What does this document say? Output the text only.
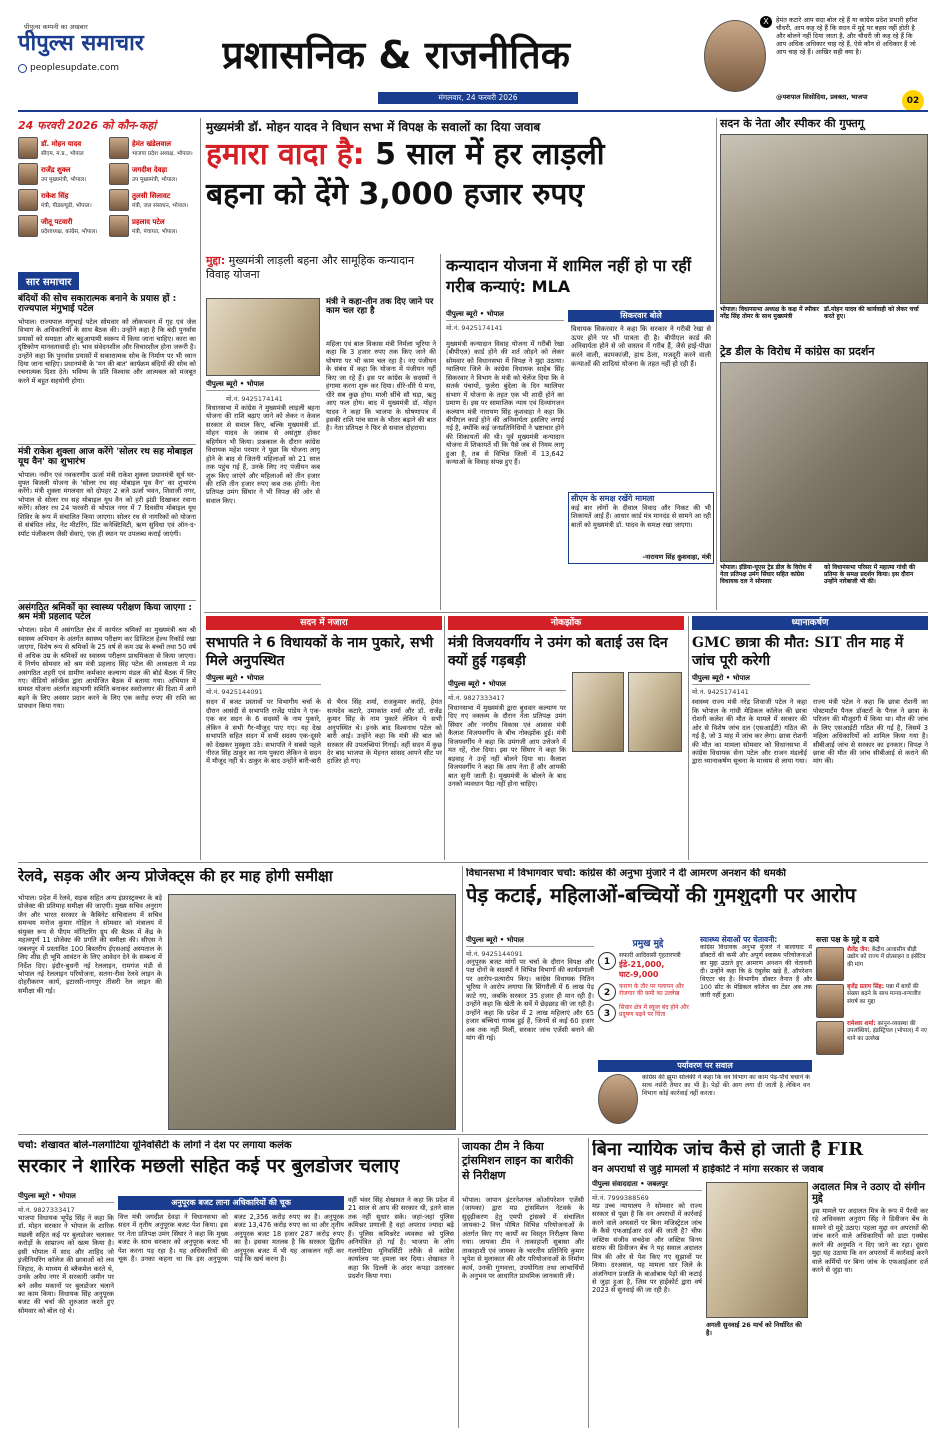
पीपुल्स कम्पनी का अखबार
पीपुल्स समाचार
peoplesupdate.com	प्रशासनिक & राजनीतिक
मंगलवार, 24 फरवरी 2026
X	हेमंत कटारे आप सदा बोल रहे हैं या कांग्रेस प्रदेश प्रभारी हरीश चौधरी, आप कह रहे हैं कि सदन में मुद्दे पर बहस नहीं होती है और बोलने नहीं दिया जाता है, और चौधरी जी कह रहे हैं कि आप अधिक अधिकार चाह रहे हैं, ऐसे कौन से अधिकार हैं जो आप चाह रहे हैं। आखिर सही क्या है।
@यशपाल सिसोदिया, प्रवक्ता, भाजपा	02
24 फरवरी 2026 को कौन-कहां
डॉ. मोहन यादव
सीएम, म.प्र., भोपाल
हेमंत खंडेलवाल
भाजपा प्रदेश अध्यक्ष, भोपाल।
राजेंद्र शुक्ल
उप मुख्यमंत्री, भोपाल।
जगदीश देवड़ा
उप मुख्यमंत्री, भोपाल।
राकेश सिंह
मंत्री, पीडब्ल्यूडी, भोपाल।
तुलसी सिलावट
मंत्री, जल संसाधन, भोपाल।
जीतू पटवारी
प्रदेशाध्यक्ष, कांग्रेस, भोपाल।
प्रहलाद पटेल
मंत्री, पंचायत, भोपाल।
सार समाचार
बंदियों की सोच सकारात्मक बनाने के प्रयास हों : राज्यपाल मंगुभाई पटेल
भोपाल। राज्यपाल मंगुभाई पटेल सोमवार को लोकभवन में गृह एवं जेल विभाग के अधिकारियों के साथ बैठक की। उन्होंने कहा है कि बंदी पुनर्वास प्रयासों को समग्रता और बहुआयामी स्वरूप में किया जाना चाहिए। कारा का दृष्टिकोण मानवतावादी हो। भाव संवेदनशील और विचारशील होना जरूरी है। उन्होंने कहा कि पुनर्वास प्रयासों में सकारात्मक सोच के निर्माण पर भी ध्यान दिया जाना चाहिए। प्रधानमंत्री के 'मन की बात' कार्यक्रम बंदियों की सोच को रचनात्मक दिशा देते। भविष्य के प्रति विश्वास और आत्मबल को मजबूत करने में बहुत सहयोगी होगा।
मंत्री राकेश शुक्ला आज करेंगे 'सोलर रथ सह मोबाइल यूथ वैन' का शुभारंभ
भोपाल। नवीन एवं नवकरणीय ऊर्जा मंत्री राकेश शुक्ला प्रधानमंत्री सूर्य घर-मुफ्त बिजली योजना के 'सोलर रथ सह मोबाइल यूथ वैन' का शुभारंभ करेंगे। मंत्री शुक्ला मंगलवार को दोपहर 2 बजे ऊर्जा भवन, शिवाजी नगर, भोपाल से सोलर रथ सह मोबाइल यूथ वैन को हरी झंडी दिखाकर रवाना करेंगे। सोलर रथ 24 फरवरी से भोपाल नगर में 7 दिवसीय मोबाइल यूथ शिविर के रूप में संचालित किया जाएगा। सोलर रथ से नागरिकों को योजना से संबंधित लोड, नेट मीटरिंग, प्रिंट कनेक्टिविटी, ऋण सुविधा एवं ऑन-द-स्पॉट पंजीकरण जैसी सेवाएं, एक ही स्थान पर उपलब्ध कराई जाएंगी।
असंगठित श्रमिकों का स्वास्थ्य परीक्षण किया जाएगा : श्रम मंत्री प्रहलाद पटेल
भोपाल। प्रदेश में असंगठित क्षेत्र में कार्यरत श्रमिकों का मुख्यमंत्री श्रम श्री स्वास्थ्य अभियान के अंतर्गत स्वास्थ्य परीक्षण कर डिजिटल हेल्थ रिकॉर्ड रखा जाएगा, विशेष रूप से श्रमिकों के 25 वर्ष से कम उम्र के बच्चों तथा 50 वर्ष से अधिक उम्र के श्रमिकों का स्वास्थ्य परीक्षण प्राथमिकता से किया जाएगा। ये निर्णय सोमवार को श्रम मंत्री प्रहलाद सिंह पटेल की अध्यक्षता में मप्र असंगठित शहरी एवं ग्रामीण कर्मकार कल्याण मंडल की बोर्ड बैठक में लिए गए। वीडियो कॉन्फ्रेंस द्वारा आयोजित बैठक में बताया गया। अभियान में समस्त योजना अंतर्गत सहभागी समिति बनाकर स्वरोजगार की दिशा में आगे बढ़ने के लिए अवसर प्रदान करने के लिए एक करोड़ रुपए की राशि का प्रावधान किया गया।
मुख्यमंत्री डॉ. मोहन यादव ने विधान सभा में विपक्ष के सवालों का दिया जवाब
हमारा वादा है: 5 साल में हर लाड़ली
बहना को देंगे 3,000 हजार रुपए
मुद्दा: मुख्यमंत्री लाड़ली बहना और सामूहिक कन्यादान विवाह योजना
पीपुल्स ब्यूरो • भोपाल
मंत्री ने कहा-तीन तक दिए जाने पर काम चल रहा है
मो.नं. 9425174141
विधानसभा में कांग्रेस ने मुख्यमंत्री लाड़ली बहना योजना की राशि बढ़ाए जाने को लेकर न केवल सरकार से सवाल किए, बल्कि मुख्यमंत्री डॉ. मोहन यादव के जवाब से असंतुष्ट होकर बहिर्गमन भी किया। प्रश्नकाल के दौरान कांग्रेस विधायक महेश परमार ने पूछा कि योजना लागू होने के बाद से जितनी महिलाओं को 21 साल तक पहुंच गई हैं, उनके लिए नए पंजीयन कब शुरू किए जाएंगे और महिलाओं को तीन हजार की राशि तीन हजार रुपए कब तक होगी। नेता प्रतिपक्ष उमंग सिंघार ने भी विपक्ष की ओर से सवाल किए।
महिला एवं बाल विकास मंत्री निर्मला भूरिया ने कहा कि 3 हजार रुपए तक किए जाने की घोषणा पर भी काम चल रहा है। नए पंजीयन के संबंध में कहा कि योजना में पंजीयन नहीं किए जा रहे हैं। इस पर कांग्रेस के सदस्यों ने हंगामा करना शुरू कर दिया। धीरे-धीरे ये मना, धीरे सब कुछ होय। माली सींचे सौ घड़ा, ऋतु आए फल होय। बाद में मुख्यमंत्री डॉ. मोहन यादव ने कहा कि भाजपा के घोषणापत्र में इसकी राशि पांच साल के भीतर बढ़ाने की बात है। नेता प्रतिपक्ष ने फिर से सवाल दोहराया।
कन्यादान योजना में शामिल नहीं हो पा रहीं गरीब कन्याएं: MLA
पीपुल्स ब्यूरो • भोपाल
मो.नं. 9425174141
मुख्यमंत्री कन्यादान विवाह योजना में गरीबी रेखा (बीपीएल) कार्ड होने की शर्त जोड़ने को लेकर सोमवार को विधानसभा में विपक्ष ने मुद्दा उठाया। ग्वालियर जिले के कांग्रेस विधायक साहेब सिंह सिकरवार ने विभाग के मंत्री को चेलेंज दिया कि वे सतर्क पंचायों, फुलेरा बुंदेला के दिन ग्वालियर संभाग में योजना के तहत एक भी शादी होने का प्रमाण दें। इस पर सामाजिक न्याय एवं दिव्यांगजन कल्याण मंत्री नारायण सिंह कुशवाहा ने कहा कि बीपीएल कार्ड होने की अनिवार्यता इसलिए लगाई गई है, क्योंकि कई जनप्रतिनिधियों ने भ्रष्टाचार होने की शिकायतों की थी। पूर्व मुख्यमंत्री कन्यादान योजना में शिकायतें थीं कि पैसे जब से नियम लागू हुआ है, तब से विभिन्न जिलों में 13,642 कन्याओं के विवाह संपन्न हुए हैं।
सिकरवार बोले
विधायक सिकरवार ने कहा कि सरकार ने गरीबी रेखा से ऊपर होने पर भी पात्रता दी है। बीपीएल कार्ड की अनिवार्यता होने से जो वास्तव में गरीब हैं, जैसे हाई-पीछा करने वाली, कामकाजी, हाथ ठेला, मजदूरी करने वाली कन्याओं की शादियां योजना के तहत नहीं हो रही हैं।
सीएम के समक्ष रखेंगे मामला
कई बार लोगों के दीवाल विवाद और निकट की भी शिकायतें आई हैं। आधार कार्ड मंत्र मानदंड से सामने आ रही बातों को मुख्यमंत्री डॉ. यादव के समक्ष रखा जाएगा।
-नारायण सिंह कुशवाहा, मंत्री
सदन के नेता और स्पीकर की गुफ्तगू
भोपाल। विधानसभा अध्यक्ष के कक्ष में स्पीकर नरेंद्र सिंह तोमर के साथ मुख्यमंत्री
डॉ.मोहन यादव की कार्यवाही को लेकर चर्चा करते हुए।
ट्रेड डील के विरोध में कांग्रेस का प्रदर्शन
भोपाल। इंडिया-यूएस ट्रेड डील के विरोध में नेता प्रतिपक्ष उमंग सिंघार सहित कांग्रेस विधायक दल ने सोमवार
को विधानसभा परिसर में महात्मा गांधी की प्रतिमा के समक्ष प्रदर्शन किया। इस दौरान उन्होंने नारेबाजी भी की।
सदन में नजारा
सभापति ने 6 विधायकों के नाम पुकारे, सभी मिले अनुपस्थित
पीपुल्स ब्यूरो • भोपाल
मो.नं. 9425144091
सदन में बजट प्रस्तावों पर विभागीय चर्चा के दौरान आसंदी से सभापति राजेंद्र पांडेय ने एक-एक कर सदन के 6 सदस्यों के नाम पुकारे, लेकिन वे सभी गैर-मौजूद पाए गए। यह देख सभापति सहित सदन में सभी सदस्य एक-दूसरे को देखकर मुस्कुरा उठे। सभापति ने सबसे पहले नीरज सिंह ठाकुर का नाम पुकारा लेकिन वे सदन में मौजूद नहीं थे। ठाकुर के बाद उन्होंने बारी-बारी से भैरव सिंह शर्मा, राजकुमार कर्राहे, हेमंत सत्यदेव कटारे, उमाकांत शर्मा और डॉ. राजेंद्र कुमार सिंह के नाम पुकारे लेकिन ये सभी अनुपस्थित थे। इनके बाद विश्वनाथ पटेल को बारी आई। उन्होंने कहा कि मंत्री की बात को सरकार की उपलब्धियां गिनाईं। वहीं सदन में कुछ देर बाद भाजपा के मेहनत सांसद आपने सीट पर हाजिर हो गए।
नोकझोंक
मंत्री विजयवर्गीय ने उमंग को बताई उस दिन क्यों हुई गड़बड़ी
पीपुल्स ब्यूरो • भोपाल
मो.नं. 9827333417
विधानसभा में मुख्यमंत्री द्वारा बुधवार कल्याण पर दिए गए वक्तव्य के दौरान नेता प्रतिपक्ष उमंग सिंघार और नगरीय विकास एवं आवास मंत्री कैलाश विजयवर्गीय के बीच नोकझोंक हुई। मंत्री विजयवर्गीय ने कहा कि उमंगजी आप उत्तेजने में मत रहें, रोल दिया। इस पर सिंघार ने कहा कि बड़वाह ने उन्हें नहीं बोलने दिया था। कैलाश विजयवर्गीय ने कहा कि आप नेता हैं और आपकी बात सुनी जाती है। मुख्यमंत्री के बोलने के बाद उनको व्यवधान पैदा नहीं होना चाहिए।
ध्यानाकर्षण
GMC छात्रा की मौत: SIT तीन माह में जांच पूरी करेगी
पीपुल्स ब्यूरो • भोपाल
मो.नं. 9425174141
स्वास्थ्य राज्य मंत्री नरेंद्र शिवाजी पटेल ने कहा कि भोपाल के गांधी मेडिकल कॉलेज की छात्रा रोशनी कलेश की मौत के मामले में सरकार की ओर से विशेष जांच दल (एसआईटी) गठित की गई है, जो 3 माह में जांच कर लेगा। छात्रा रोशनी की मौत का मामला सोमवार को विधानसभा में कांग्रेस विधायक सेना पटेल और राजन मंडलोई द्वारा ध्यानाकर्षण सूचना के माध्यम से लाया गया। राज्य मंत्री पटेल ने कहा कि छात्रा रोशनी का पोस्टमार्टम पैनल डॉक्टरों के पैनल ने छात्रा के परिजन की मौजूदगी में किया था। मौत की जांच के लिए एसआईटी गठित की गई है, जिसमें 3 महिला अधिकारियों को शामिल किया गया है। सीबीआई जांच से सरकार का इनकार। विपक्ष ने छात्रा की मौत की जांच सीबीआई से कराने की मांग की।
रेलवे, सड़क और अन्य प्रोजेक्ट्स की हर माह होगी समीक्षा
भोपाल। प्रदेश में रेलवे, सड़क सहित अन्य इंफ्रास्ट्रक्चर के बड़े प्रोजेक्ट की प्रतिमाह समीक्षा की जाएगी। मुख्य सचिव अनुराग जैन और भारत सरकार के कैबिनेट सचिवालय में सचिव समन्वय मनोज कुमार गोहिल ने सोमवार को मंत्रालय में संयुक्त रूप से पीएम मॉनिटरिंग ग्रुप की बैठक में केंद्र के महत्वपूर्ण 11 प्रोजेक्ट की प्रगति की समीक्षा की। सीएस ने जबलपुर में प्रस्तावित 100 बिस्तरीय ईएसआई अस्पताल के लिए शीघ्र ही भूमि आवंटन के लिए आवेदन देने के सम्बन्ध में निर्देश दिए। इंदौर-बुधनी नई रेललाइन, रामगंज मंडी से भोपाल नई रेललाइन परियोजना, सतना-रीवा रेलवे लाइन के दोहरीकरण कार्य, इटारसी-नागपुर तीसरी रेल लाइन की समीक्षा की गई।
विधानसभा में विभागवार चर्चा: कांग्रेस की अनुभा मुंजारे ने दी आमरण अनशन की धमकी
पेड़ कटाई, महिलाओं-बच्चियों की गुमशुदगी पर आरोप
पीपुल्स ब्यूरो • भोपाल
मो.नं. 9425144091
अनुपूरक बजट मांगों पर चर्चा के दौरान विपक्ष और पक्ष दोनों के सदस्यों ने विभिन्न विभागों की कार्यप्रणाली पर आरोप-प्रत्यारोप किए। कांग्रेस विधायक नितिन भूरिया ने आरोप लगाया कि सिंगरौली में 6 लाख पेड़ काटे गए, जबकि सरकार 35 हजार ही मान रही है। उन्होंने कहा कि खेती के सर्वे में छेड़छाड़ की जा रही है। उन्होंने कहा कि प्रदेश में 2 लाख महिलाएं और 65 हजार बच्चियां गायब हुई हैं, जिनमें से कई 60 हजार अब तक नहीं मिलीं, सरकार जांच एजेंसी बनाने की मांग की गई।
प्रमुख मुद्दे
1
सफारी आदिवासी गृहतारपत्री
ईडे-21,000,
घाट-9,000
2
कारण के तौर पर पलायन और रोजगार की कमी का उल्लेख
3
सिवार क्षेत्र में स्कूल बंद होने और प्रदूषण बढ़ने पर चिंता
स्वास्थ्य सेवाओं पर चेतावनी:
कांग्रेस विधायक अनुभा मुंजारे ने बालाघाट में डॉक्टरों की कमी और अपूर्ण स्वास्थ्य परियोजनाओं का मुद्दा उठाते हुए आमरण अनशन की चेतावनी दी। उन्होंने कहा कि 8 एंबुलेंस खड़े हैं, ऑपरेशन थिएटर बंद है। विभागीय डॉक्टर तैनात हैं और 100 सीट के मेडिकल कॉलेज का टेंडर अब तक जारी नहीं हुआ।
पर्यावरण पर सवाल
कांग्रेस की झूमा सोलंकी ने कहा कि वन विभाग का काम पेड़-पौधे बचाने के साथ नर्सरी तैयार का भी है। पेड़ों की आग लगा दी जाती है लेकिन वन विभाग कोई कार्रवाई नहीं करता।
सत्ता पक्ष के मुद्दे व दावे
शैलेंद्र जैन: केंद्रीय आवासीय बीड़ी उद्योग को राज्य में प्रोत्साहन व इंसेंटिव की मांग
बृजेंद्र प्रताप सिंह: पन्ना में बाघों की संख्या बढ़ने के साथ मानव-वन्यजीव संघर्ष का मुद्दा
रामेश्वर शर्मा: कानून-व्यवस्था की उपलब्धियां, इंडस्ट्रियल (भोपाल) में नए थाने का उल्लेख
चर्चा: शेखावत बोले-गलगोटिया यूनिवर्सिटी के लोगों ने देश पर लगाया कलंक
सरकार ने शारिक मछली सहित कई पर बुलडोजर चलाए
पीपुल्स ब्यूरो • भोपाल
मो.नं. 9827333417
भाजपा विधायक भूपेंद्र सिंह ने कहा कि डॉ. मोहन सरकार ने भोपाल के शारिक मछली सहित कई पर बुलडोजर चलाकर करोड़ों के साम्राज्य को खत्म किया है। इसी भोपाल में साद और शाहिद जो इंजीनियरिंग कॉलेज की छात्राओं को लव जिहाद, के माध्यम से ब्लैकमेल करते थे, उनके अवैध नगर में सरकारी जमीन पर बने अवैध मकानों पर बुलडोजर चलाने का काम किया। विधायक सिंह अनुपूरक बजट की चर्चा की शुरुआत करते हुए सोमवार को बोल रहे थे।
अनुपूरक बजट लाना अधिकारियों की चूक
वित्त मंत्री जगदीश देवड़ा ने विधानसभा को सदन में तृतीय अनुपूरक बजट पेश किया। इस पर नेता प्रतिपक्ष उमंग सिंघार ने कहा कि मुख्य बजट के साथ सरकार को अनुपूरक बजट भी पेश करना पड़ रहा है। यह अधिकारियों की चूक है। उनका कहना था कि इस अनुपूरक बजट 2,356 करोड़ रुपए का है। अनुपूरक बजट 13,476 करोड़ रुपए का था और तृतीय अनुपूरक बजट 18 हजार 287 करोड़ रुपए का है। इसका मतलब है कि सरकार द्वितीय अनुपूरक बजट में भी यह आकलन नहीं कर पाई कि खर्च करना है।
वहीं भंवर सिंह शेखावत ने कहा कि प्रदेश में 21 साल से आप की सरकार थी, इतने साल तक नहीं सुधार सके। जहां-जहां पुलिस कमिश्नर प्रणाली है वहां अपराध ज्यादा बढ़े हैं। पुलिस कमिश्नरेट व्यवस्था को पुलिस अनियंत्रित हो गई है। भाजपा के लोग गलगोटिया यूनिवर्सिटी तरीके से कांग्रेस कार्यालय पर हमला कर दिया। शेखावत ने कहा कि दिल्ली के अंदर कपड़ा उतारकर प्रदर्शन किया गया।
जायका टीम ने किया ट्रांसमिशन लाइन का बारीकी से निरीक्षण
भोपाल। जापान इंटरनेशनल कोऑपरेशन एजेंसी (जायका) द्वारा मप्र ट्रांसमिशन नेटवर्क के सुदृढ़ीकरण हेतु एमपी ट्रांसको में संचालित जायका-2 वित्त पोषित विभिन्न परियोजनाओं के अंतर्गत किए गए कार्यों का विस्तृत निरीक्षण किया गया। जायका टीम ने ताकाहाशी सुबासा और ताकाहाशी एवं जायका के भारतीय प्रतिनिधि कुमार भूपेश से मुलाकात की और परियोजनाओं के निर्माण कार्य, उनकी गुणवत्ता, उपयोगिता तथा लाभार्थियों के अनुभव पर आधारित प्राथमिक जानकारी ली।
बिना न्यायिक जांच कैसे हो जाती है FIR
वन अपराधों से जुड़े मामलों में हाईकोर्ट ने मांगा सरकार से जवाब
पीपुल्स संवाददाता • जबलपुर
मो.नं. 7999388569
मप्र उच्च न्यायालय ने सोमवार को राज्य सरकार से पूछा है कि वन अपराधों में कार्रवाई करने वाले अफसरों पर बिना मजिस्ट्रेटल जांच के कैसे एफआईआर दर्ज की जाती है? चीफ जस्टिस संजीव सचदेवा और जस्टिस विनय सराफ की डिवीजन बेंच ने यह सवाल अदालत मित्र की ओर से पेश किए गए सुझावों पर किया। दरअसल, यह मामला धार जिले के अंजनियान प्रजाति के बाओबाब पेड़ों की कटाई से जुड़ा हुआ है, जिस पर हाईकोर्ट द्वारा वर्ष 2023 से सुनवाई की जा रही है।
अगली सुनवाई 26 मार्च को निर्धारित की है।
अदालत मित्र ने उठाए दो संगीन मुद्दे
इस मामले पर अदालत मित्र के रूप में पैरवी कर रहे अधिवक्ता अनुराग सिंह ने डिवीजन बेंच के सामने दो मुद्दे उठाए। पहला मुद्दा वन अपराधों की जांच करने वाले अधिकारियों को डाटा एक्सेस करने की अनुमति न दिए जाने का रहा। दूसरा मुद्दा यह उठाया कि वन अपराधों में कार्रवाई करने वाले कर्मियों पर बिना जांच के एफआईआर दर्ज करने से जुड़ा था।
